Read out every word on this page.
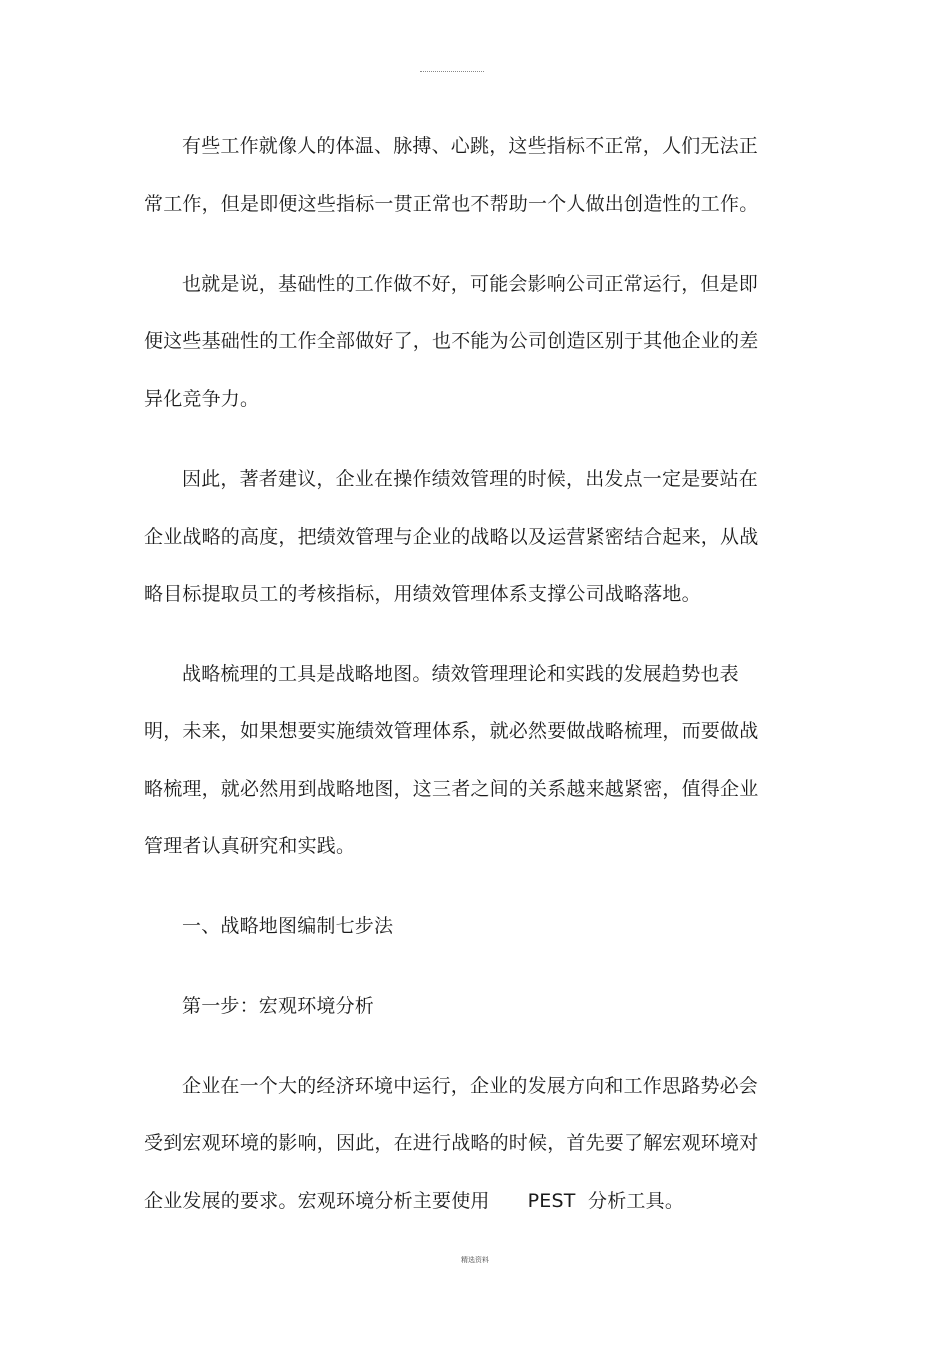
有些工作就像人的体温、脉搏、心跳，这些指标不正常，人们无法正
常工作，但是即便这些指标一贯正常也不帮助一个人做出创造性的工作。
也就是说，基础性的工作做不好，可能会影响公司正常运行，但是即
便这些基础性的工作全部做好了，也不能为公司创造区别于其他企业的差
异化竞争力。
因此，著者建议，企业在操作绩效管理的时候，出发点一定是要站在
企业战略的高度，把绩效管理与企业的战略以及运营紧密结合起来，从战
略目标提取员工的考核指标，用绩效管理体系支撑公司战略落地。
战略梳理的工具是战略地图。绩效管理理论和实践的发展趋势也表
明，未来，如果想要实施绩效管理体系，就必然要做战略梳理，而要做战
略梳理，就必然用到战略地图，这三者之间的关系越来越紧密，值得企业
管理者认真研究和实践。
一、战略地图编制七步法
第一步：宏观环境分析
企业在一个大的经济环境中运行，企业的发展方向和工作思路势必会
受到宏观环境的影响，因此，在进行战略的时候，首先要了解宏观环境对
企业发展的要求。宏观环境分析主要使用 PEST 分析工具。
精选资料
